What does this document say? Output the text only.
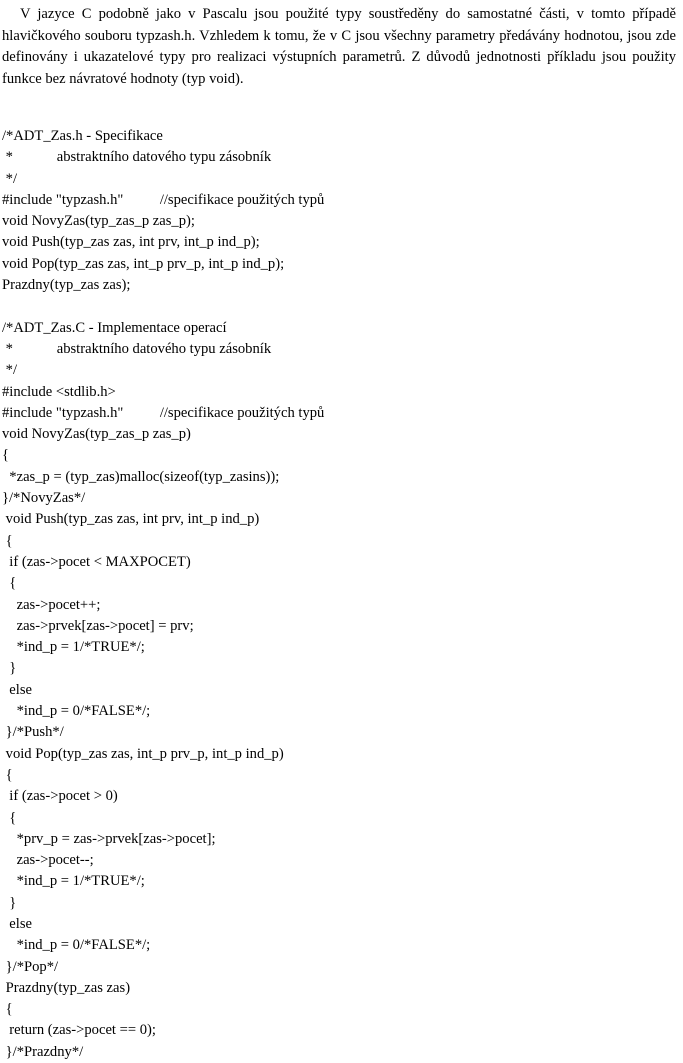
V jazyce C podobně jako v Pascalu jsou použité typy soustředěny do samostatné části, v tomto případě hlavičkového souboru typzash.h. Vzhledem k tomu, že v C jsou všechny parametry předávány hodnotou, jsou zde definovány i ukazatelové typy pro realizaci výstupních parametrů. Z důvodů jednotnosti příkladu jsou použity funkce bez návratové hodnoty (typ void).

/*ADT_Zas.h - Specifikace
*            abstraktního datového typu zásobník
*/
#include "typzash.h"          //specifikace použitých typů
void NovyZas(typ_zas_p zas_p);
void Push(typ_zas zas, int prv, int_p ind_p);
void Pop(typ_zas zas, int_p prv_p, int_p ind_p);
Prazdny(typ_zas zas);
/*ADT_Zas.C - Implementace operací
*            abstraktního datového typu zásobník
*/
#include <stdlib.h>
#include "typzash.h"          //specifikace použitých typů
void NovyZas(typ_zas_p zas_p)
{
*zas_p = (typ_zas)malloc(sizeof(typ_zasins));
}/*NovyZas*/
void Push(typ_zas zas, int prv, int_p ind_p)
{
if (zas->pocet < MAXPOCET)
{
zas->pocet++;
zas->prvek[zas->pocet] = prv;
*ind_p = 1/*TRUE*/;
}
else
*ind_p = 0/*FALSE*/;
}/*Push*/
void Pop(typ_zas zas, int_p prv_p, int_p ind_p)
{
if (zas->pocet > 0)
{
*prv_p = zas->prvek[zas->pocet];
zas->pocet--;
*ind_p = 1/*TRUE*/;
}
else
*ind_p = 0/*FALSE*/;
}/*Pop*/
Prazdny(typ_zas zas)
{
return (zas->pocet == 0);
}/*Prazdny*/
